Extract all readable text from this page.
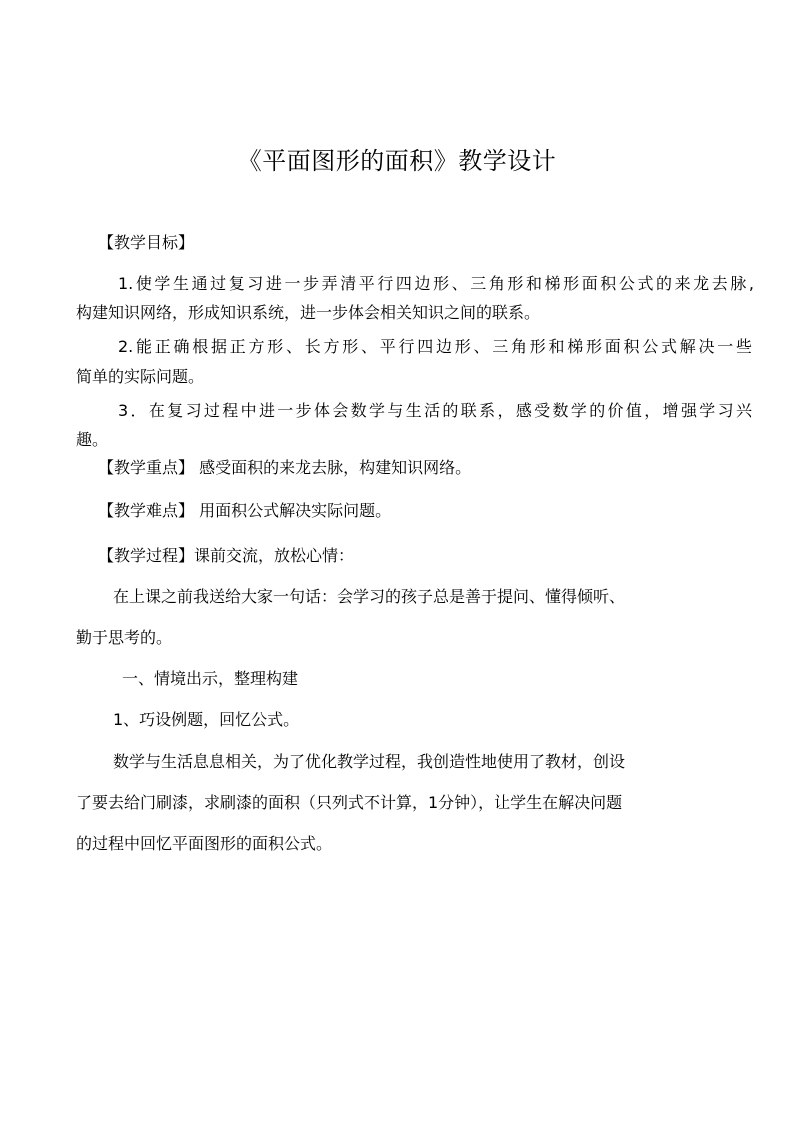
《平面图形的面积》教学设计
【教学目标】
1.使学生通过复习进一步弄清平行四边形、三角形和梯形面积公式的来龙去脉,
构建知识网络，形成知识系统，进一步体会相关知识之间的联系。
2.能正确根据正方形、长方形、平行四边形、三角形和梯形面积公式解决一些
简单的实际问题。
3．在复习过程中进一步体会数学与生活的联系，感受数学的价值，增强学习兴
趣。
【教学重点】 感受面积的来龙去脉，构建知识网络。
【教学难点】 用面积公式解决实际问题。
【教学过程】课前交流，放松心情：
在上课之前我送给大家一句话：会学习的孩子总是善于提问、懂得倾听、
勤于思考的。
一、情境出示，整理构建
1、巧设例题，回忆公式。
数学与生活息息相关，为了优化教学过程，我创造性地使用了教材，创设
了要去给门刷漆，求刷漆的面积（只列式不计算，1分钟），让学生在解决问题
的过程中回忆平面图形的面积公式。
